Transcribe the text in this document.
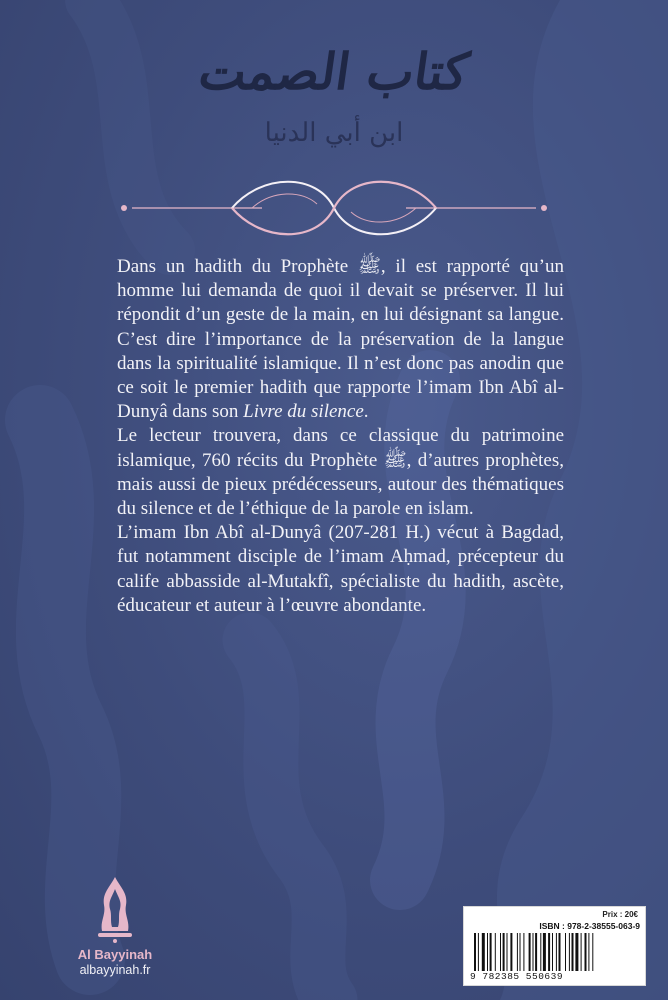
كتاب الصمت
ابن أبي الدنيا

Dans un hadith du Prophète ﷺ, il est rapporté qu’un homme lui demanda de quoi il devait se préserver. Il lui répondit d’un geste de la main, en lui désignant sa langue. C’est dire l’importance de la préservation de la langue dans la spiritualité islamique. Il n’est donc pas anodin que ce soit le premier hadith que rapporte l’imam Ibn Abî al-Dunyâ dans son Livre du silence.

Le lecteur trouvera, dans ce classique du patrimoine islamique, 760 récits du Prophète ﷺ, d’autres prophètes, mais aussi de pieux prédécesseurs, autour des thématiques du silence et de l’éthique de la parole en islam.

L’imam Ibn Abî al-Dunyâ (207-281 H.) vécut à Bagdad, fut notamment disciple de l’imam Aḥmad, précepteur du calife abbasside al-Mutakfî, spécialiste du hadith, ascète, éducateur et auteur à l’œuvre abondante.

Al Bayyinah
albayyinah.fr
Prix : 20€
ISBN : 978-2-38555-063-9
9 782385 550639
